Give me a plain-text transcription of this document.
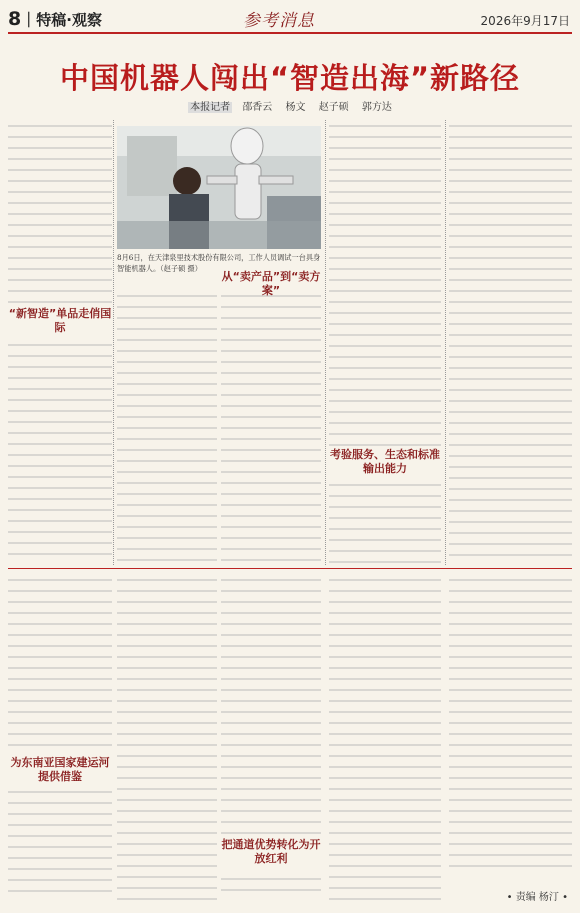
8｜特稿·观察	参考消息	2026年9月17日
中国机器人闯出“智造出海”新路径
本报记者 邵香云 杨文 赵子硕 郭方达
“新智造”单品走俏国际
8月6日，在天津泉里技术股份有限公司，工作人员调试一台具身智能机器人。（赵子硕 摄）
考验服务、生态和标准输出能力
从“卖产品”到“卖方案”
为东南亚国家建运河提供借鉴
把通道优势转化为开放红利
• 责编 杨汀 •
